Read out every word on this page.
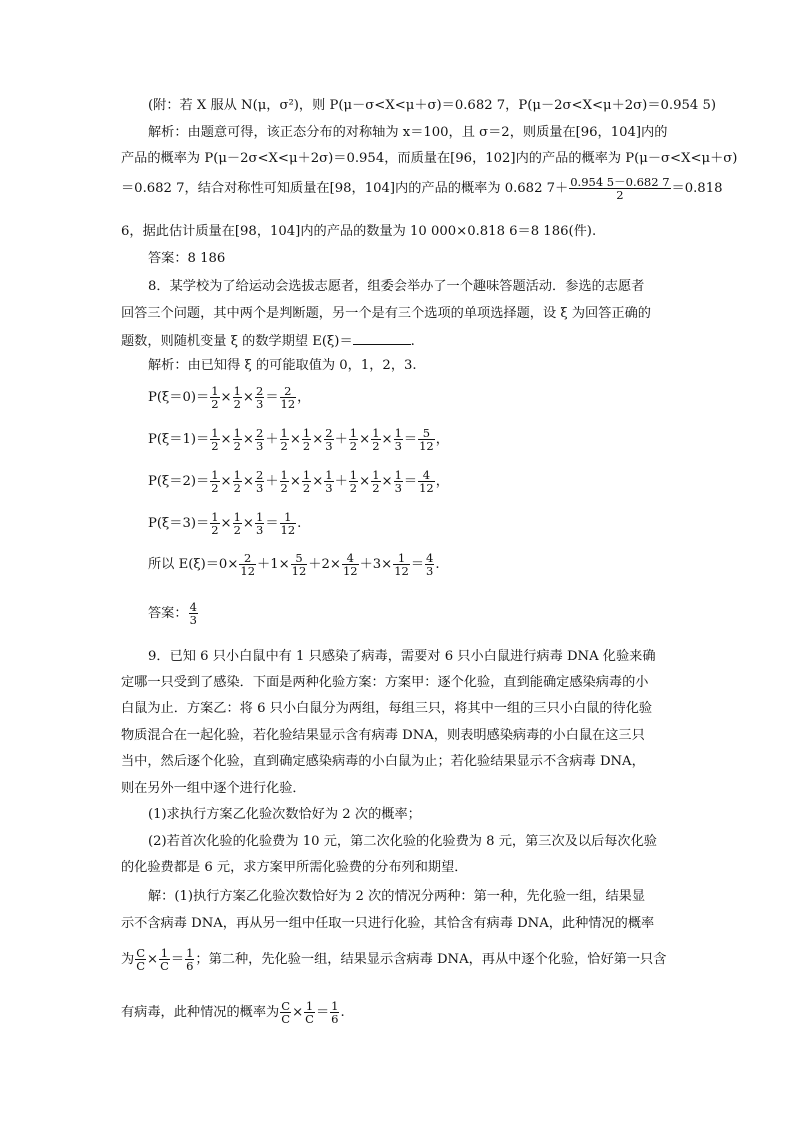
(附：若 X 服从 N(μ，σ²)，则 P(μ－σ<X<μ＋σ)＝0.682 7，P(μ－2σ<X<μ＋2σ)＝0.954 5)
解析：由题意可得，该正态分布的对称轴为 x＝100，且 σ＝2，则质量在[96，104]内的
产品的概率为 P(μ－2σ<X<μ＋2σ)＝0.954，而质量在[96，102]内的产品的概率为 P(μ－σ<X<μ＋σ)
＝0.682 7，结合对称性可知质量在[98，104]内的产品的概率为 0.682 $7+ \frac{0.954 5-0.682 7}{2} =0.818$
6，据此估计质量在[98，104]内的产品的数量为 10 000×0.818 6＝8 186(件).
答案：8 186
8．某学校为了给运动会选拔志愿者，组委会举办了一个趣味答题活动．参选的志愿者
回答三个问题，其中两个是判断题，另一个是有三个选项的单项选择题，设 ξ 为回答正确的
题数，则随机变量 ξ 的数学期望 E(ξ)＝	.
解析：由已知得 ξ 的可能取值为 0，1，2，3.
$P(\xi=0)= \frac{1}{2} \times \frac{1}{2} \times \frac{2}{3} = \frac{2}{12}$ ，
$P(\xi=1)= \frac{1}{2} \times \frac{1}{2} \times \frac{2}{3} + \frac{1}{2} \times \frac{1}{2} \times \frac{2}{3} + \frac{1}{2} \times \frac{1}{2} \times \frac{1}{3} = \frac{5}{12}$ ，
$P(\xi=2)= \frac{1}{2} \times \frac{1}{2} \times \frac{2}{3} + \frac{1}{2} \times \frac{1}{2} \times \frac{1}{3} + \frac{1}{2} \times \frac{1}{2} \times \frac{1}{3} = \frac{4}{12}$ ，
$P(\xi=3)= \frac{1}{2} \times \frac{1}{2} \times \frac{1}{3} = \frac{1}{12}$ .
所以 $E(\xi)=0\times \frac{2}{12} +1\times \frac{5}{12} +2\times \frac{4}{12} +3\times \frac{1}{12} = \frac{4}{3}$ .
答案： $\frac{4}{3}$
9．已知 6 只小白鼠中有 1 只感染了病毒，需要对 6 只小白鼠进行病毒 DNA 化验来确
定哪一只受到了感染．下面是两种化验方案：方案甲：逐个化验，直到能确定感染病毒的小
白鼠为止．方案乙：将 6 只小白鼠分为两组，每组三只，将其中一组的三只小白鼠的待化验
物质混合在一起化验，若化验结果显示含有病毒 DNA，则表明感染病毒的小白鼠在这三只
当中，然后逐个化验，直到确定感染病毒的小白鼠为止；若化验结果显示不含病毒 DNA，
则在另外一组中逐个进行化验．
(1)求执行方案乙化验次数恰好为 2 次的概率；
(2)若首次化验的化验费为 10 元，第二次化验的化验费为 8 元，第三次及以后每次化验
的化验费都是 6 元，求方案甲所需化验费的分布列和期望．
解：(1)执行方案乙化验次数恰好为 2 次的情况分两种：第一种，先化验一组，结果显
示不含病毒 DNA，再从另一组中任取一只进行化验，其恰含有病毒 DNA，此种情况的概率
为 $\frac{C}{C} \times \frac{1}{C} = \frac{1}{6}$ ；第二种，先化验一组，结果显示含病毒 DNA，再从中逐个化验，恰好第一只含
有病毒，此种情况的概率为 $\frac{C}{C} \times \frac{1}{C} = \frac{1}{6}$ .
